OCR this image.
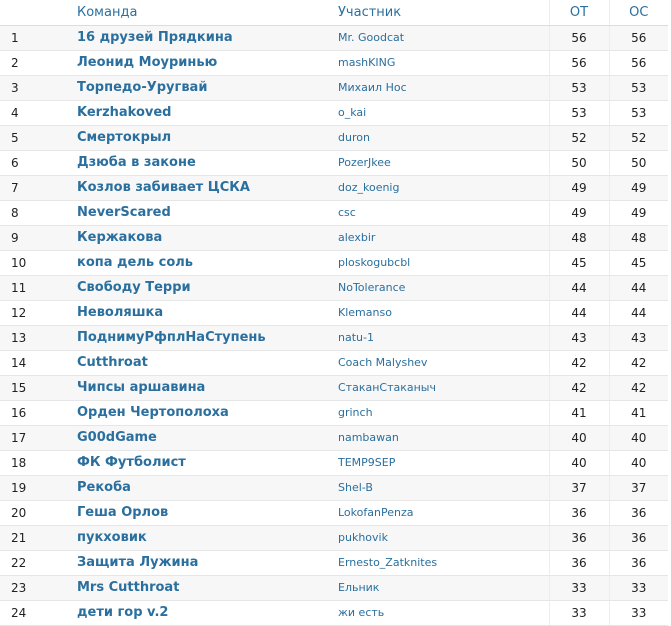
	Команда	Участник	ОТ	ОС
1	16 друзей Прядкина	Mr. Goodcat	56	56
2	Леонид Моуринью	mashKING	56	56
3	Торпедо-Уругвай	Михаил Нос	53	53
4	Kerzhakoved	o_kai	53	53
5	Смертокрыл	duron	52	52
6	Дзюба в законе	PozerJkee	50	50
7	Козлов забивает ЦСКА	doz_koenig	49	49
8	NeverScared	csc	49	49
9	Кержакова	alexbir	48	48
10	копа дель соль	ploskogubcbl	45	45
11	Свободу Терри	NoTolerance	44	44
12	Неволяшка	Klemanso	44	44
13	ПоднимуРфплНаСтупень	natu-1	43	43
14	Cutthroat	Coach Malyshev	42	42
15	Чипсы аршавина	СтаканСтаканыч	42	42
16	Орден Чертополоха	grinch	41	41
17	G00dGame	nambawan	40	40
18	ФК Футболист	TEMP9SEP	40	40
19	Рекоба	Shel-B	37	37
20	Геша Орлов	LokofanPenza	36	36
21	пукховик	pukhovik	36	36
22	Защита Лужина	Ernesto_Zatknites	36	36
23	Mrs Cutthroat	Ельник	33	33
24	дети гор v.2	жи есть	33	33
